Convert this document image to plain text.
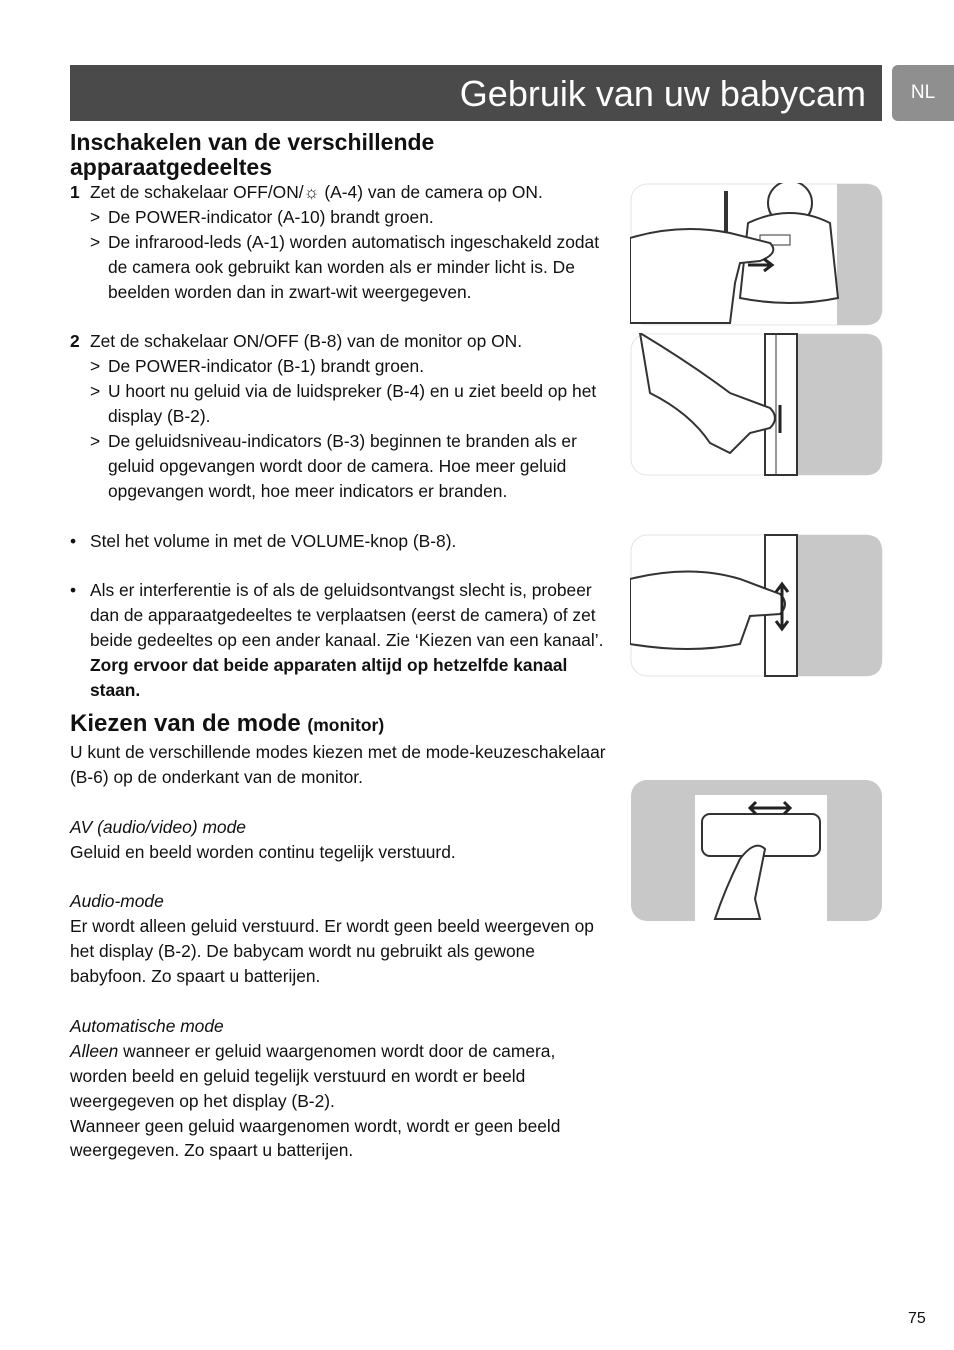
Gebruik van uw babycam	NL
Inschakelen van de verschillende apparaatgedeeltes
1 Zet de schakelaar OFF/ON/☼ (A-4) van de camera op ON.
> De POWER-indicator (A-10) brandt groen.
> De infrarood-leds (A-1) worden automatisch ingeschakeld zodat de camera ook gebruikt kan worden als er minder licht is. De beelden worden dan in zwart-wit weergegeven.
2 Zet de schakelaar ON/OFF (B-8) van de monitor op ON.
> De POWER-indicator (B-1) brandt groen.
> U hoort nu geluid via de luidspreker (B-4) en u ziet beeld op het display (B-2).
> De geluidsniveau-indicators (B-3) beginnen te branden als er geluid opgevangen wordt door de camera. Hoe meer geluid opgevangen wordt, hoe meer indicators er branden.
• Stel het volume in met de VOLUME-knop (B-8).
• Als er interferentie is of als de geluidsontvangst slecht is, probeer dan de apparaatgedeeltes te verplaatsen (eerst de camera) of zet beide gedeeltes op een ander kanaal. Zie ‘Kiezen van een kanaal’.
Zorg ervoor dat beide apparaten altijd op hetzelfde kanaal staan.
Kiezen van de mode (monitor)
U kunt de verschillende modes kiezen met de mode-keuzeschakelaar (B-6) op de onderkant van de monitor.
AV (audio/video) mode
Geluid en beeld worden continu tegelijk verstuurd.
Audio-mode
Er wordt alleen geluid verstuurd. Er wordt geen beeld weergeven op het display (B-2). De babycam wordt nu gebruikt als gewone babyfoon. Zo spaart u batterijen.
Automatische mode
Alleen wanneer er geluid waargenomen wordt door de camera, worden beeld en geluid tegelijk verstuurd en wordt er beeld weergegeven op het display (B-2).
Wanneer geen geluid waargenomen wordt, wordt er geen beeld weergegeven. Zo spaart u batterijen.
75
